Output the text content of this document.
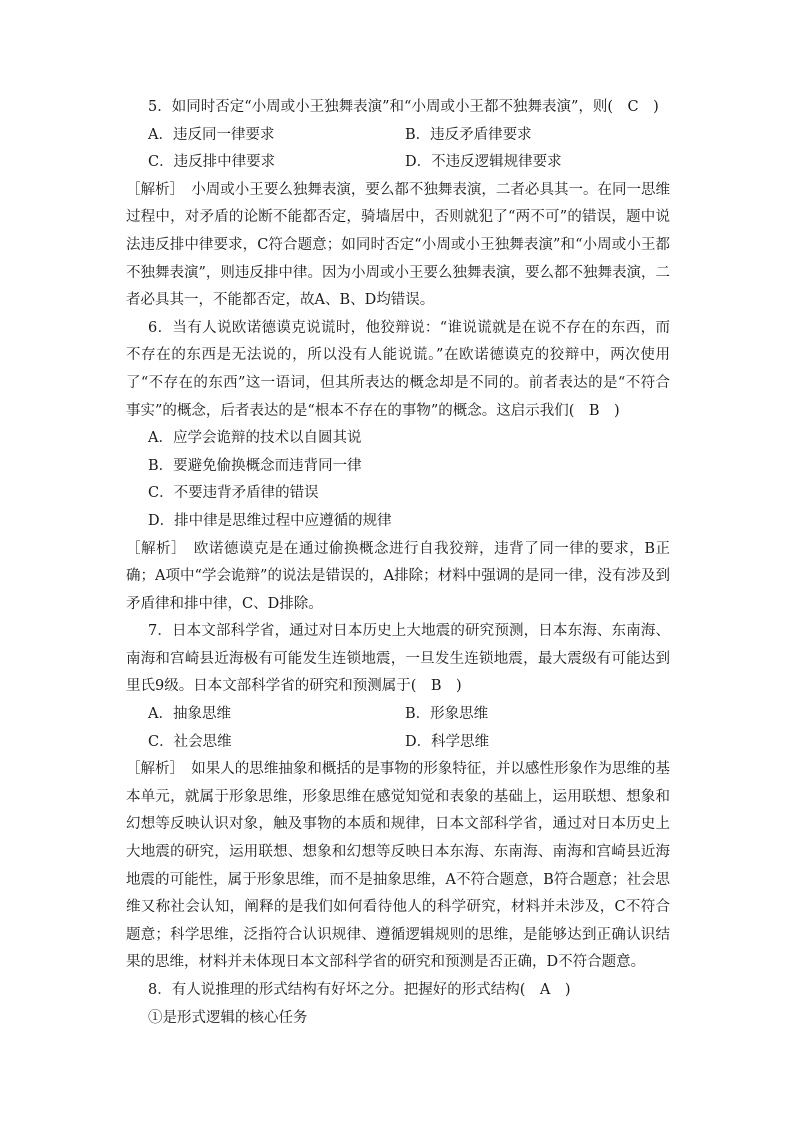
5．如同时否定“小周或小王独舞表演”和“小周或小王都不独舞表演”，则(　C　)
A．违反同一律要求	B．违反矛盾律要求
C．违反排中律要求	D．不违反逻辑规律要求
［解析］　小周或小王要么独舞表演，要么都不独舞表演，二者必具其一。在同一思维过程中，对矛盾的论断不能都否定，骑墙居中，否则就犯了“两不可”的错误，题中说法违反排中律要求，C符合题意；如同时否定“小周或小王独舞表演”和“小周或小王都不独舞表演”，则违反排中律。因为小周或小王要么独舞表演，要么都不独舞表演，二者必具其一，不能都否定，故A、B、D均错误。
6．当有人说欧诺德谟克说谎时，他狡辩说：“谁说谎就是在说不存在的东西，而不存在的东西是无法说的，所以没有人能说谎。”在欧诺德谟克的狡辩中，两次使用了“不存在的东西”这一语词，但其所表达的概念却是不同的。前者表达的是“不符合事实”的概念，后者表达的是“根本不存在的事物”的概念。这启示我们(　B　)
A．应学会诡辩的技术以自圆其说
B．要避免偷换概念而违背同一律
C．不要违背矛盾律的错误
D．排中律是思维过程中应遵循的规律
［解析］　欧诺德谟克是在通过偷换概念进行自我狡辩，违背了同一律的要求，B正确；A项中“学会诡辩”的说法是错误的，A排除；材料中强调的是同一律，没有涉及到矛盾律和排中律，C、D排除。
7．日本文部科学省，通过对日本历史上大地震的研究预测，日本东海、东南海、南海和宫崎县近海极有可能发生连锁地震，一旦发生连锁地震，最大震级有可能达到里氏9级。日本文部科学省的研究和预测属于(　B　)
A．抽象思维	B．形象思维
C．社会思维	D．科学思维
［解析］　如果人的思维抽象和概括的是事物的形象特征，并以感性形象作为思维的基本单元，就属于形象思维，形象思维在感觉知觉和表象的基础上，运用联想、想象和幻想等反映认识对象，触及事物的本质和规律，日本文部科学省，通过对日本历史上大地震的研究，运用联想、想象和幻想等反映日本东海、东南海、南海和宫崎县近海地震的可能性，属于形象思维，而不是抽象思维，A不符合题意，B符合题意；社会思维又称社会认知，阐释的是我们如何看待他人的科学研究，材料并未涉及，C不符合题意；科学思维，泛指符合认识规律、遵循逻辑规则的思维，是能够达到正确认识结果的思维，材料并未体现日本文部科学省的研究和预测是否正确，D不符合题意。
8．有人说推理的形式结构有好坏之分。把握好的形式结构(　A　)
①是形式逻辑的核心任务
